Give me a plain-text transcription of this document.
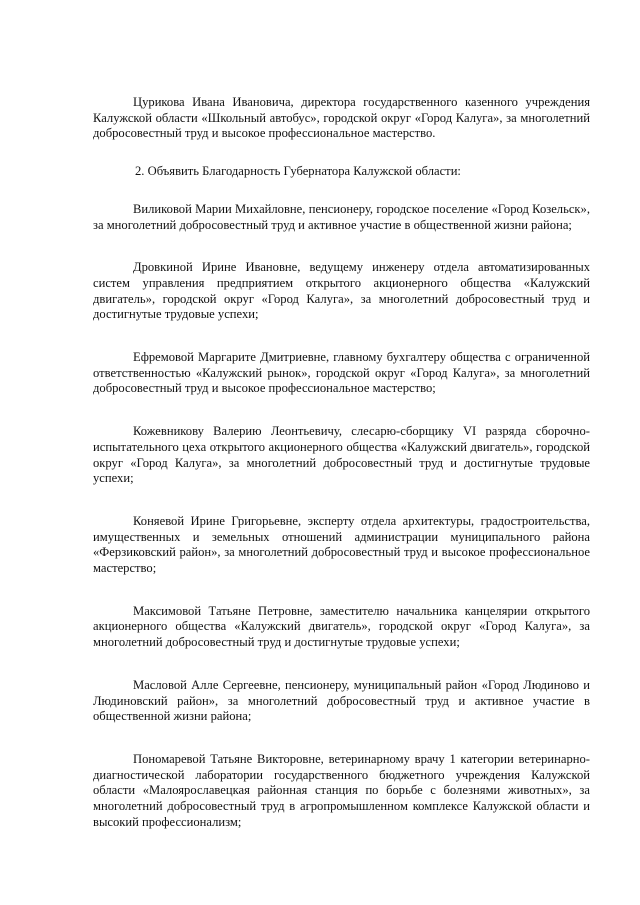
Цурикова Ивана Ивановича, директора государственного казенного учреждения Калужской области «Школьный автобус», городской округ «Город Калуга», за многолетний добросовестный труд и высокое профессиональное мастерство.

2. Объявить Благодарность Губернатора Калужской области:

Виликовой Марии Михайловне, пенсионеру, городское поселение «Город Козельск», за многолетний добросовестный труд и активное участие в общественной жизни района;

Дровкиной Ирине Ивановне, ведущему инженеру отдела автоматизированных систем управления предприятием открытого акционерного общества «Калужский двигатель», городской округ «Город Калуга», за многолетний добросовестный труд и достигнутые трудовые успехи;

Ефремовой Маргарите Дмитриевне, главному бухгалтеру общества с ограниченной ответственностью «Калужский рынок», городской округ «Город Калуга», за многолетний добросовестный труд и высокое профессиональное мастерство;

Кожевникову Валерию Леонтьевичу, слесарю-сборщику VI разряда сборочно-испытательного цеха открытого акционерного общества «Калужский двигатель», городской округ «Город Калуга», за многолетний добросовестный труд и достигнутые трудовые успехи;

Коняевой Ирине Григорьевне, эксперту отдела архитектуры, градостроительства, имущественных и земельных отношений администрации муниципального района «Ферзиковский район», за многолетний добросовестный труд и высокое профессиональное мастерство;

Максимовой Татьяне Петровне, заместителю начальника канцелярии открытого акционерного общества «Калужский двигатель», городской округ «Город Калуга», за многолетний добросовестный труд и достигнутые трудовые успехи;

Масловой Алле Сергеевне, пенсионеру, муниципальный район «Город Людиново и Людиновский район», за многолетний добросовестный труд и активное участие в общественной жизни района;

Пономаревой Татьяне Викторовне, ветеринарному врачу 1 категории ветеринарно-диагностической лаборатории государственного бюджетного учреждения Калужской области «Малоярославецкая районная станция по борьбе с болезнями животных», за многолетний добросовестный труд в агропромышленном комплексе Калужской области и высокий профессионализм;
